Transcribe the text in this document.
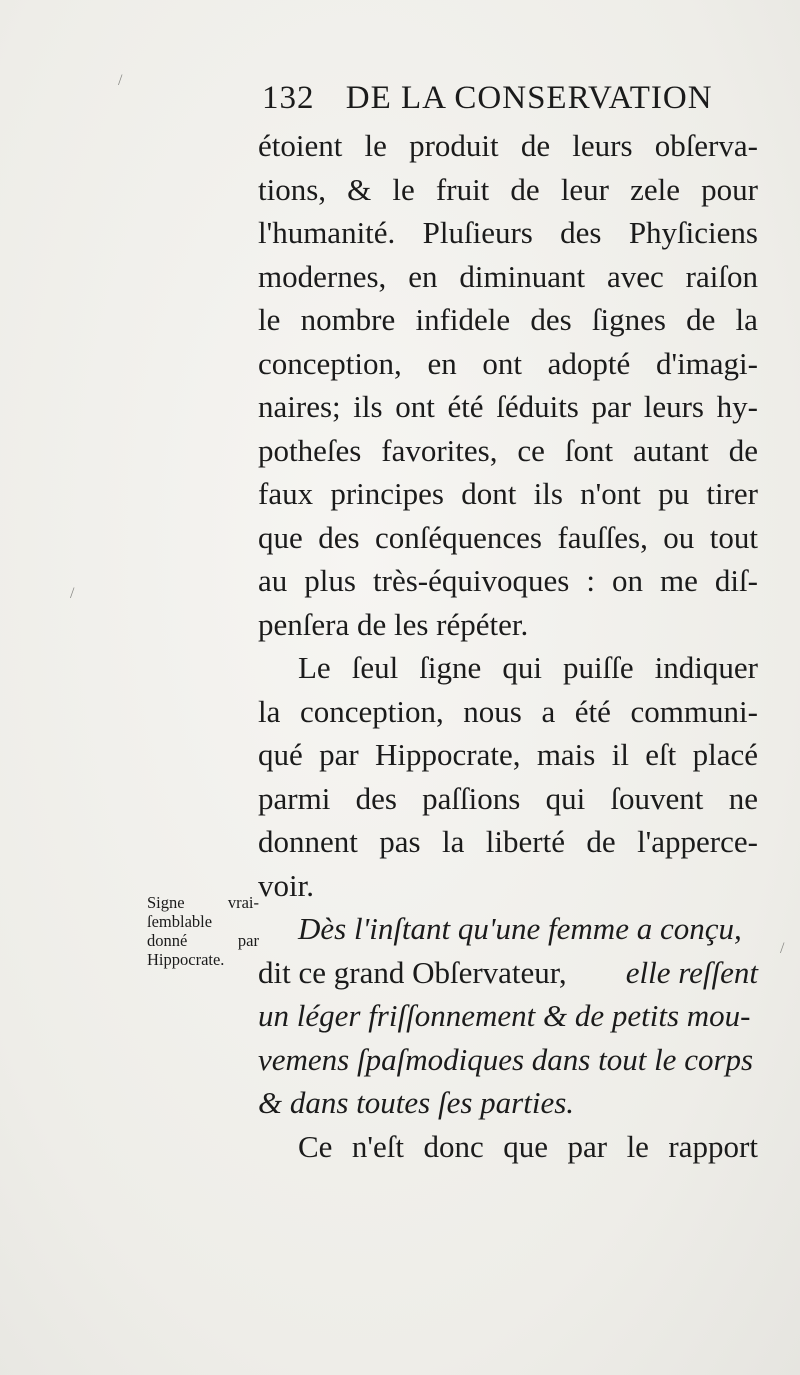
132 DE LA CONSERVATION
étoient le produit de leurs obſerva-
tions, & le fruit de leur zele pour
l'humanité. Pluſieurs des Phyſiciens
modernes, en diminuant avec raiſon
le nombre infidele des ſignes de la
conception, en ont adopté d'imagi-
naires; ils ont été ſéduits par leurs hy-
potheſes favorites, ce ſont autant de
faux principes dont ils n'ont pu tirer
que des conſéquences fauſſes, ou tout
au plus très-équivoques : on me diſ-
penſera de les répéter.
Le ſeul ſigne qui puiſſe indiquer
la conception, nous a été communi-
qué par Hippocrate, mais il eſt placé
parmi des paſſions qui ſouvent ne
donnent pas la liberté de l'apperce-
voir.
Dès l'inſtant qu'une femme a conçu,
dit ce grand Obſervateur, elle reſſent
un léger friſſonnement & de petits mou-
vemens ſpaſmodiques dans tout le corps
& dans toutes ſes parties.
Ce n'eſt donc que par le rapport
Signe	vrai-
ſemblable
donné	par
Hippocrate.
/
/
/
